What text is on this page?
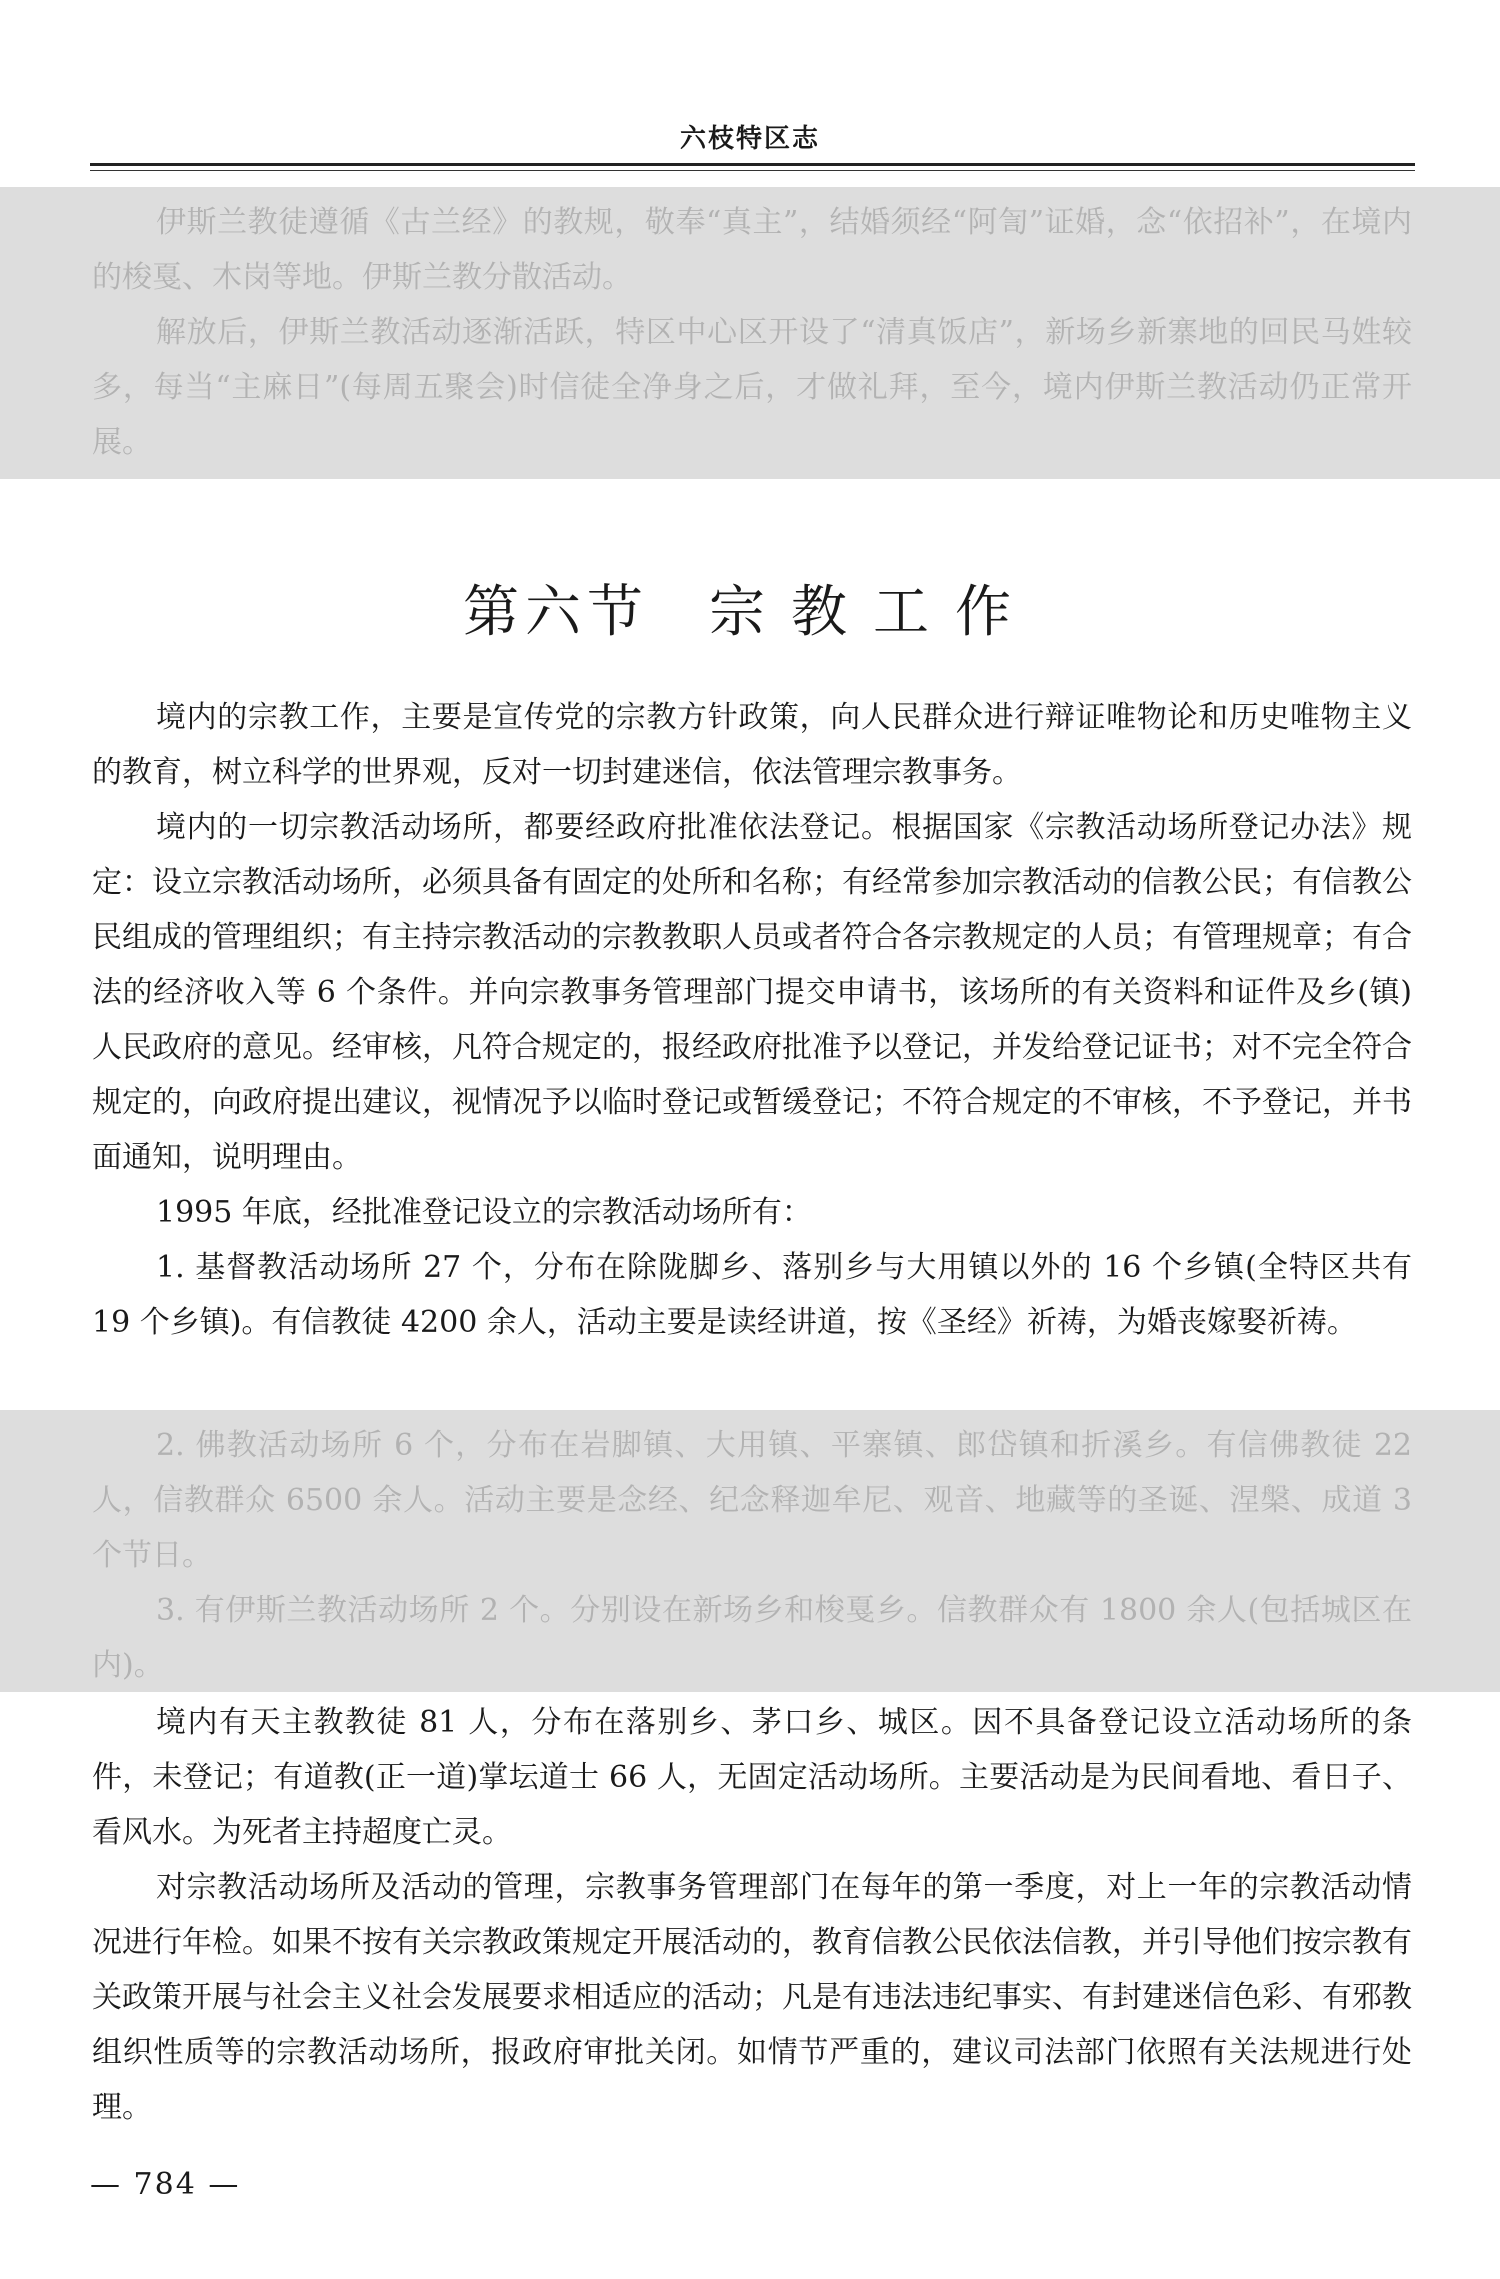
六枝特区志

伊斯兰教徒遵循《古兰经》的教规，敬奉“真主”，结婚须经“阿訇”证婚，念“依招补”，在境内的梭戛、木岗等地。伊斯兰教分散活动。

解放后，伊斯兰教活动逐渐活跃，特区中心区开设了“清真饭店”，新场乡新寨地的回民马姓较多，每当“主麻日”(每周五聚会)时信徒全净身之后，才做礼拜，至今，境内伊斯兰教活动仍正常开展。

第六节 宗教工作

境内的宗教工作，主要是宣传党的宗教方针政策，向人民群众进行辩证唯物论和历史唯物主义的教育，树立科学的世界观，反对一切封建迷信，依法管理宗教事务。

境内的一切宗教活动场所，都要经政府批准依法登记。根据国家《宗教活动场所登记办法》规定：设立宗教活动场所，必须具备有固定的处所和名称；有经常参加宗教活动的信教公民；有信教公民组成的管理组织；有主持宗教活动的宗教教职人员或者符合各宗教规定的人员；有管理规章；有合法的经济收入等 6 个条件。并向宗教事务管理部门提交申请书，该场所的有关资料和证件及乡(镇)人民政府的意见。经审核，凡符合规定的，报经政府批准予以登记，并发给登记证书；对不完全符合规定的，向政府提出建议，视情况予以临时登记或暂缓登记；不符合规定的不审核，不予登记，并书面通知，说明理由。

1995 年底，经批准登记设立的宗教活动场所有：

1. 基督教活动场所 27 个，分布在除陇脚乡、落别乡与大用镇以外的 16 个乡镇(全特区共有 19 个乡镇)。有信教徒 4200 余人，活动主要是读经讲道，按《圣经》祈祷，为婚丧嫁娶祈祷。

2. 佛教活动场所 6 个，分布在岩脚镇、大用镇、平寨镇、郎岱镇和折溪乡。有信佛教徒 22 人，信教群众 6500 余人。活动主要是念经、纪念释迦牟尼、观音、地藏等的圣诞、涅槃、成道 3 个节日。

3. 有伊斯兰教活动场所 2 个。分别设在新场乡和梭戛乡。信教群众有 1800 余人(包括城区在内)。

境内有天主教教徒 81 人，分布在落别乡、茅口乡、城区。因不具备登记设立活动场所的条件，未登记；有道教(正一道)掌坛道士 66 人，无固定活动场所。主要活动是为民间看地、看日子、看风水。为死者主持超度亡灵。

对宗教活动场所及活动的管理，宗教事务管理部门在每年的第一季度，对上一年的宗教活动情况进行年检。如果不按有关宗教政策规定开展活动的，教育信教公民依法信教，并引导他们按宗教有关政策开展与社会主义社会发展要求相适应的活动；凡是有违法违纪事实、有封建迷信色彩、有邪教组织性质等的宗教活动场所，报政府审批关闭。如情节严重的，建议司法部门依照有关法规进行处理。

— 784 —
